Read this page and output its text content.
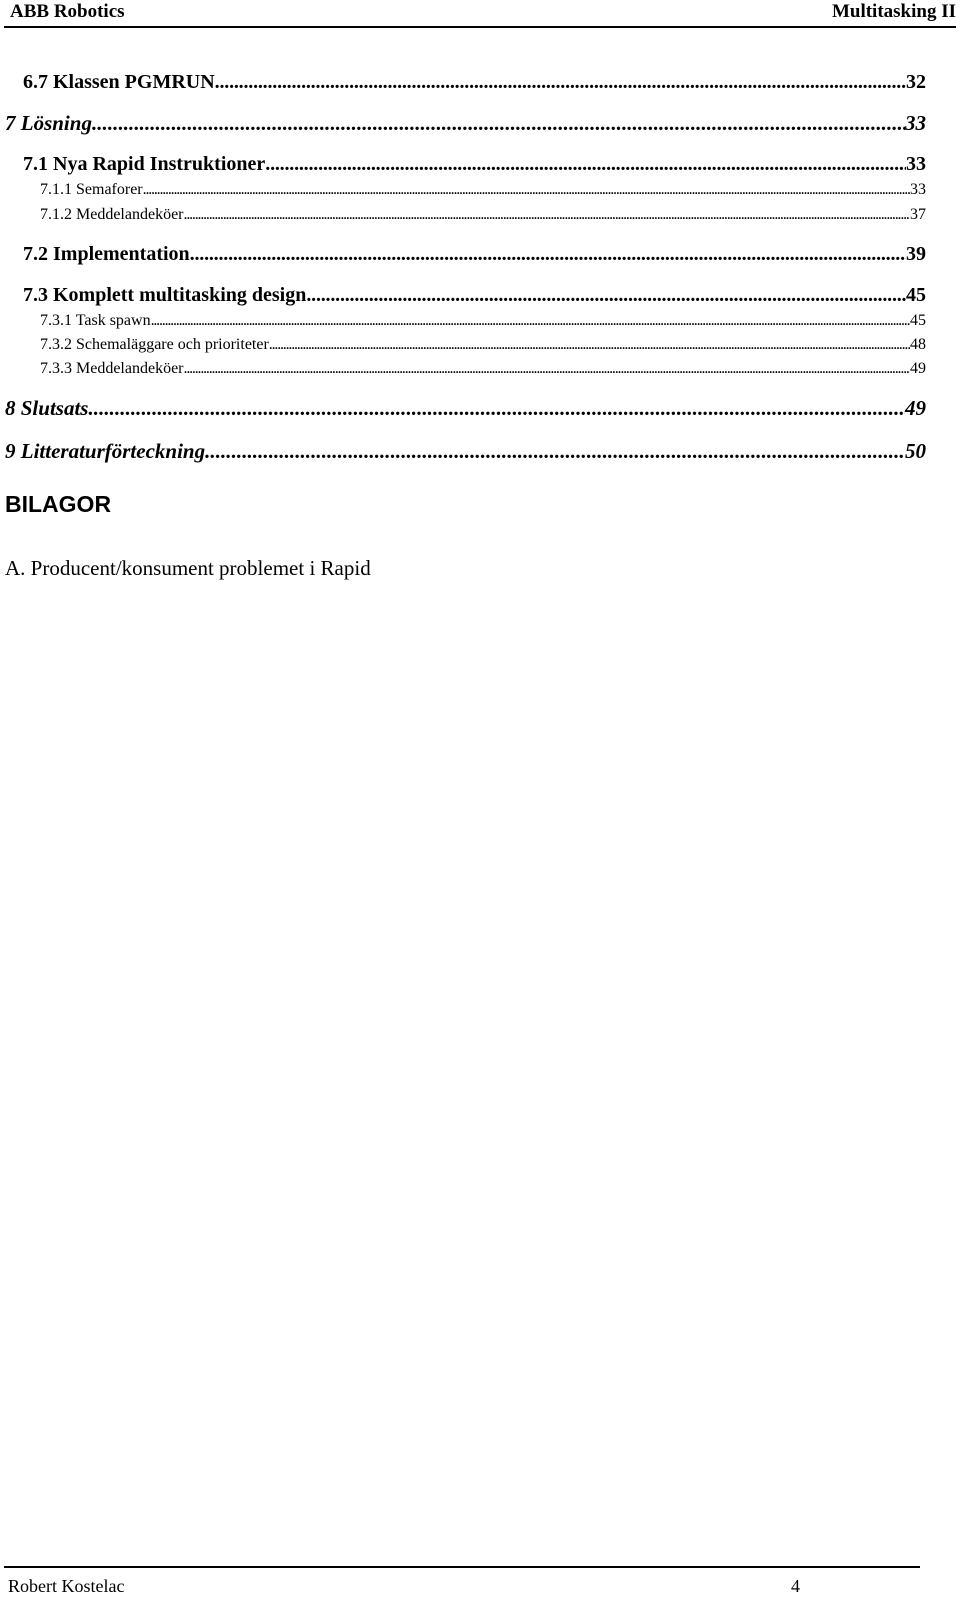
ABB Robotics	Multitasking II
6.7 Klassen PGMRUN . . .	32
7 Lösning . . .	33
7.1 Nya Rapid Instruktioner . . .	33
7.1.1 Semaforer . . .	33
7.1.2 Meddelandeköer . . .	37
7.2 Implementation . . .	39
7.3 Komplett multitasking design . . .	45
7.3.1 Task spawn . . .	45
7.3.2 Schemaläggare och prioriteter . . .	48
7.3.3 Meddelandeköer . . .	49
8 Slutsats . . .	49
9 Litteraturförteckning . . .	50
BILAGOR
A. Producent/konsument problemet i Rapid
Robert Kostelac	4
